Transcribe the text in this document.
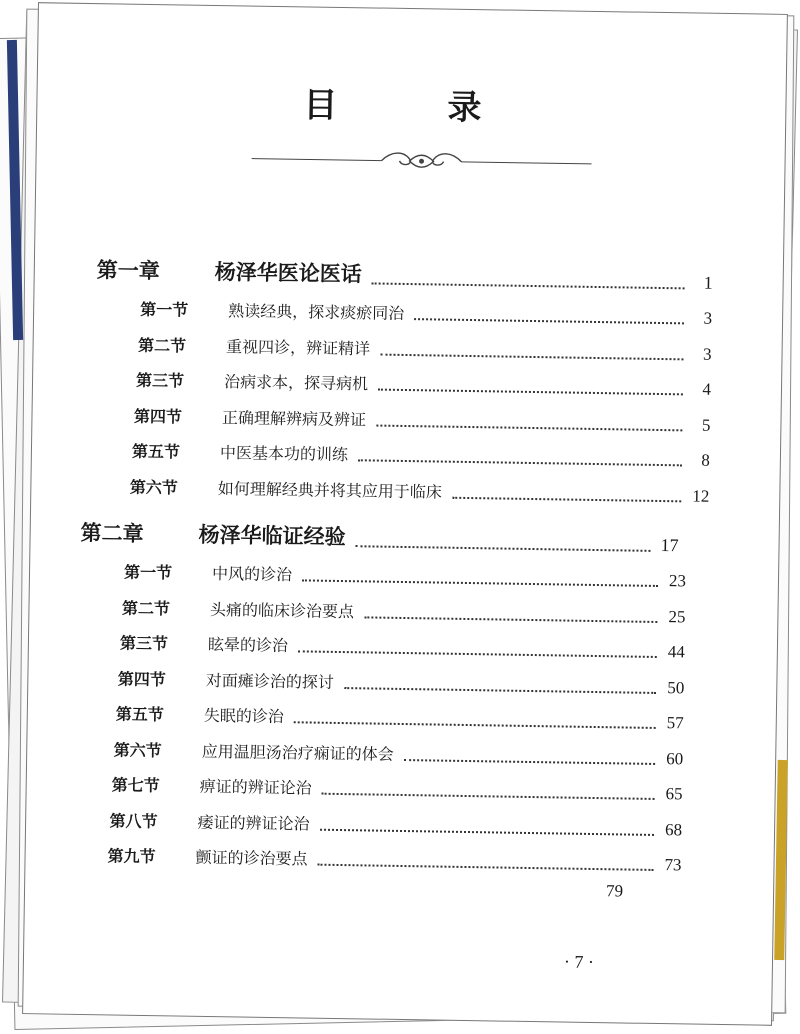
目　录
第一章	杨泽华医论医话	1
第一节	熟读经典，探求痰瘀同治	3
第二节	重视四诊，辨证精详	3
第三节	治病求本，探寻病机	4
第四节	正确理解辨病及辨证	5
第五节	中医基本功的训练	8
第六节	如何理解经典并将其应用于临床	12
第二章	杨泽华临证经验	17
第一节	中风的诊治	23
第二节	头痛的临床诊治要点	25
第三节	眩晕的诊治	44
第四节	对面瘫诊治的探讨	50
第五节	失眠的诊治	57
第六节	应用温胆汤治疗痫证的体会	60
第七节	痹证的辨证论治	65
第八节	痿证的辨证论治	68
第九节	颤证的诊治要点	73
79
· 7 ·
